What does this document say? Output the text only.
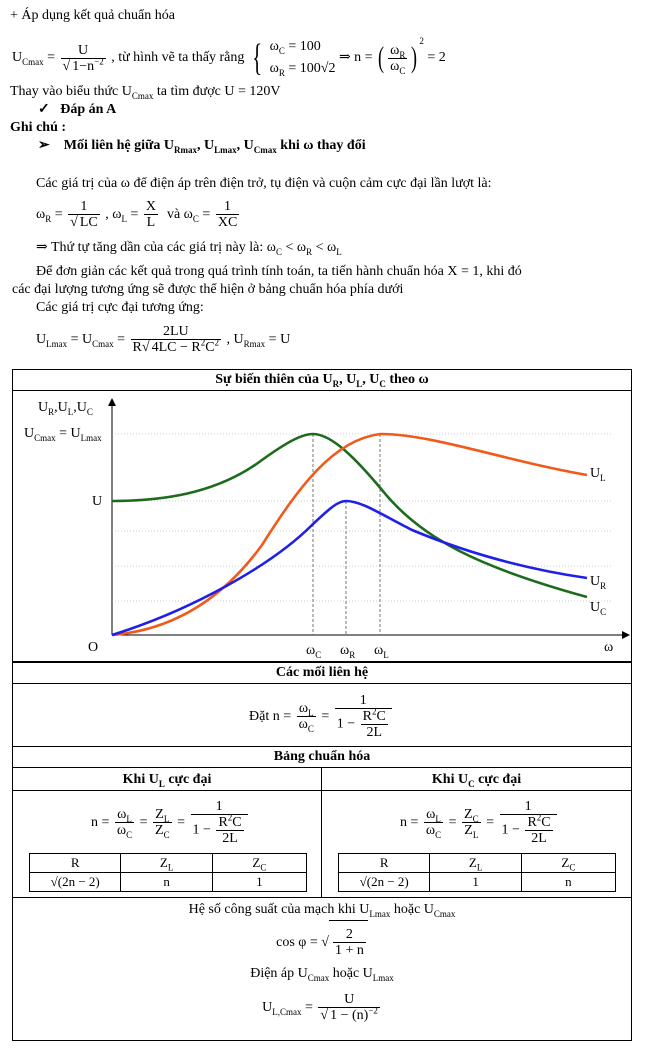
+ Áp dụng kết quả chuẩn hóa
$U_{Cmax} = \frac{U}{√ 1-n^{-2}}$ , từ hình vẽ ta thấy rằng { $\omega_C = 100$
$\omega_R = 100√2$
⇒ n = ( $\frac{\omega_R}{\omega_C} )^2 = 2$
Thay vào biểu thức $U_{Cmax}$ ta tìm được U = 120V
✓ Đáp án A
Ghi chú :
➢ Mối liên hệ giữa $U_{Rmax}$, $U_{Lmax}$, $U_{Cmax}$ khi ω thay đổi
Các giá trị của ω để điện áp trên điện trở, tụ điện và cuộn cảm cực đại lần lượt là:
$\omega_R = \frac{1}{√ LC}$ , $\omega_L = \frac{X}{L}$ và $\omega_C = \frac{1}{XC}$
⇒ Thứ tự tăng dần của các giá trị này là: $\omega_C < \omega_R < \omega_L$
Để đơn giản các kết quả trong quá trình tính toán, ta tiến hành chuẩn hóa X = 1, khi đó
các đại lượng tương ứng sẽ được thể hiện ở bảng chuẩn hóa phía dưới
Các giá trị cực đại tương ứng:
$U_{Lmax} = U_{Cmax} = \frac{2LU}{R√ 4LC - R^2C^2}$ , $U_{Rmax} = U$
Sự biến thiên của $U_R$, $U_L$, $U_C$ theo ω
$U_R,U_L,U_C$
$U_{Cmax} = U_{Lmax}$
U
O	ω
$\omega_C$ $\omega_R$ $\omega_L$
$U_L$
$U_R$
$U_C$
Các mối liên hệ
Đặt $n = \frac{\omega_L}{\omega_C} = \frac{1}{1 - \frac{R^2C}{2L}}$
Bảng chuẩn hóa
Khi $U_L$ cực đại	Khi $U_C$ cực đại
$n = \frac{\omega_L}{\omega_C} = \frac{Z_L}{Z_C} = \frac{1}{1 - \frac{R^2C}{2L}}$
R	$Z_L$	$Z_C$
√(2n − 2)	n	1
$n = \frac{\omega_L}{\omega_C} = \frac{Z_C}{Z_L} = \frac{1}{1 - \frac{R^2C}{2L}}$
R	$Z_L$	$Z_C$
√(2n − 2)	1	n
Hệ số công suất của mạch khi $U_{Lmax}$ hoặc $U_{Cmax}$
cos φ = √ $\frac{2}{1 + n}$
Điện áp $U_{Cmax}$ hoặc $U_{Lmax}$
$U_{L,Cmax} = \frac{U}{√ 1 - (n)^{-2}}$
